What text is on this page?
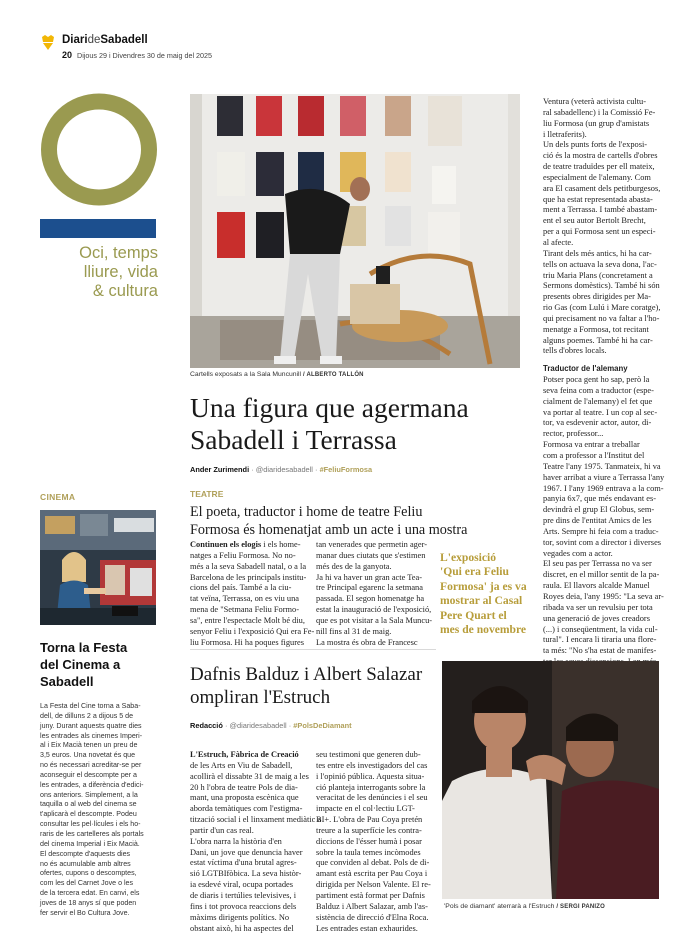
DiarideSabadell
20 Dijous 29 i Divendres 30 de maig del 2025
Oci, temps
lliure, vida
& cultura
CINEMA
Torna la Festa
del Cinema a
Sabadell
La Festa del Cine torna a Saba-
dell, de dilluns 2 a dijous 5 de
juny. Durant aquests quatre dies
les entrades als cinemes Imperi-
al i Eix Macià tenen un preu de
3,5 euros. Una novetat és que
no és necessari acreditar-se per
aconseguir el descompte per a
les entrades, a diferència d'edici-
ons anteriors. Simplement, a la
taquilla o al web del cinema se
t'aplicarà el descompte. Podeu
consultar les pel·lícules i els ho-
raris de les cartelleres als portals
del cinema Imperial i Eix Macià.
El descompte d'aquests dies
no és acumulable amb altres
ofertes, cupons o descomptes,
com les del Carnet Jove o les
de la tercera edat. En canvi, els
joves de 18 anys sí que poden
fer servir el Bo Cultura Jove.
Cartells exposats a la Sala Muncunill / ALBERTO TALLÓN
Una figura que agermana
Sabadell i Terrassa
Ander Zurimendi · @diaridesabadell · #FeliuFormosa
TEATRE
El poeta, traductor i home de teatre Feliu
Formosa és homenatjat amb un acte i una mostra
Continuen els elogis i els home-
natges a Feliu Formosa. No no-
més a la seva Sabadell natal, o a la
Barcelona de les principals institu-
cions del país. També a la ciu-
tat veïna, Terrassa, on es viu una
mena de "Setmana Feliu Formo-
sa", entre l'espectacle Molt bé diu,
senyor Feliu i l'exposició Qui era Fe-
liu Formosa. Hi ha poques figures
tan venerades que permetin ager-
manar dues ciutats que s'estimen
més des de la ganyota.
Ja hi va haver un gran acte Tea-
tre Principal egarenc la setmana
passada. El segon homenatge ha
estat la inauguració de l'exposició,
que es pot visitar a la Sala Muncu-
nill fins al 31 de maig.
La mostra és obra de Francesc
L'exposició
'Qui era Feliu
Formosa' ja es va
mostrar al Casal
Pere Quart el
mes de novembre
Ventura (veterà activista cultu-
ral sabadellenc) i la Comissió Fe-
liu Formosa (un grup d'amistats
i lletraferits).
Un dels punts forts de l'exposi-
ció és la mostra de cartells d'obres
de teatre traduïdes per ell mateix,
especialment de l'alemany. Com
ara El casament dels petitburgesos,
que ha estat representada abasta-
ment a Terrassa. I també abastam-
ent el seu autor Bertolt Brecht,
per a qui Formosa sent un especi-
al afecte.
Tirant dels més antics, hi ha car-
tells on actuava la seva dona, l'ac-
triu Maria Plans (concretament a
Sermons domèstics). També hi són
presents obres dirigides per Ma-
rio Gas (com Lulú i Mare coratge),
qui precisament no va faltar a l'ho-
menatge a Formosa, tot recitant
alguns poemes. També hi ha car-
tells d'obres locals.
Traductor de l'alemany
Potser poca gent ho sap, però la
seva feina com a traductor (espe-
cialment de l'alemany) el fet que
va portar al teatre. I un cop al sec-
tor, va esdevenir actor, autor, di-
rector, professor...
Formosa va entrar a treballar
com a professor a l'Institut del
Teatre l'any 1975. Tanmateix, hi va
haver arribat a viure a Terrassa l'any
1967. I l'any 1969 entrava a la com-
panyia 6x7, que més endavant es-
devindrà el grup El Globus, sem-
pre dins de l'entitat Amics de les
Arts. Sempre hi feia com a traduc-
tor, sovint com a director i diverses
vegades com a actor.
El seu pas per Terrassa no va ser
discret, en el millor sentit de la pa-
raula. El llavors alcalde Manuel
Royes deia, l'any 1995: "La seva ar-
ribada va ser un revulsiu per tota
una generació de joves creadors
(...) i conseqüentment, la vida cul-
tural". I encara li tiraria una flore-
ta més: "No s'ha estat de manifes-
Dafnis Balduz i Albert Salazar
ompliran l'Estruch
Redacció · @diaridesabadell · #PolsDeDiamant
L'Estruch, Fàbrica de Creació
de les Arts en Viu de Sabadell,
acollirà el dissabte 31 de maig a les
20 h l'obra de teatre Pols de dia-
mant, una proposta escènica que
aborda temàtiques com l'estigma-
tització social i el linxament mediàtic a
partir d'un cas real.
L'obra narra la història d'en
Dani, un jove que denuncia haver
estat víctima d'una brutal agres-
sió LGTBIfòbica. La seva històr-
ia esdevé viral, ocupa portades
de diaris i tertúlies televisives, i
fins i tot provoca reaccions dels
màxims dirigents polítics. No
obstant això, hi ha aspectes del
seu testimoni que generen dub-
tes entre els investigadors del cas
i l'opinió pública. Aquesta situa-
ció planteja interrogants sobre la
veracitat de les denúncies i el seu
impacte en el col·lectiu LGT-
BI+. L'obra de Pau Coya pretén
treure a la superfície les contra-
diccions de l'ésser humà i posar
sobre la taula temes incòmodes
que conviden al debat. Pols de di-
amant està escrita per Pau Coya i
dirigida per Nelson Valente. El re-
partiment està format per Dafnis
Balduz i Albert Salazar, amb l'as-
sistència de direcció d'Elna Roca.
Les entrades estan exhaurides.
'Pols de diamant' aterrarà a l'Estruch / SERGI PANIZO
